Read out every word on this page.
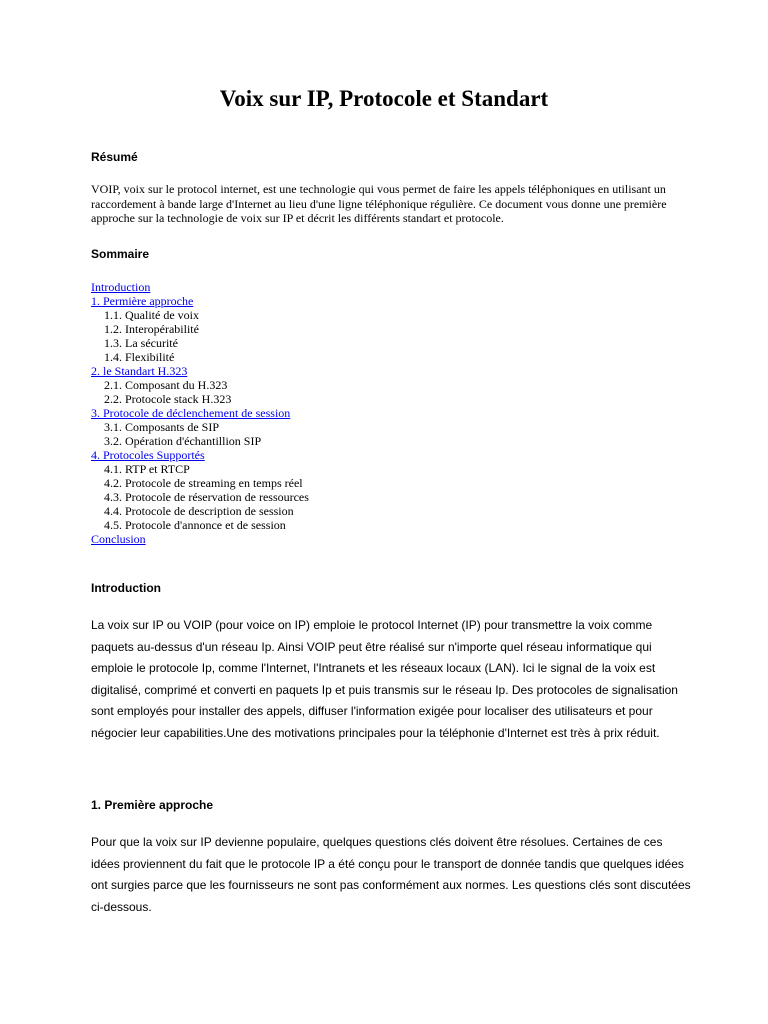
Voix sur IP, Protocole et Standart
Résumé

VOIP, voix sur le protocol internet, est une technologie qui vous permet de faire les appels téléphoniques en utilisant un raccordement à bande large d'Internet au lieu d'une ligne téléphonique régulière. Ce document vous donne une première approche sur la technologie de voix sur IP et décrit les différents standart et protocole.

Sommaire
Introduction
1. Permière approche
1.1. Qualité de voix
1.2. Interopérabilité
1.3. La sécurité
1.4. Flexibilité
2. le Standart H.323
2.1. Composant du H.323
2.2. Protocole stack H.323
3. Protocole de déclenchement de session
3.1. Composants de SIP
3.2. Opération d'échantillion SIP
4. Protocoles Supportés
4.1. RTP et RTCP
4.2. Protocole de streaming en temps réel
4.3. Protocole de réservation de ressources
4.4. Protocole de description de session
4.5. Protocole d'annonce et de session
Conclusion
Introduction

La voix sur IP ou VOIP (pour voice on IP) emploie le protocol Internet (IP) pour transmettre la voix comme paquets au-dessus d'un réseau Ip. Ainsi VOIP peut être réalisé sur n'importe quel réseau informatique qui emploie le protocole Ip, comme l'Internet, l'Intranets et les réseaux locaux (LAN). Ici le signal de la voix est digitalisé, comprimé et converti en paquets Ip et puis transmis sur le réseau Ip. Des protocoles de signalisation sont employés pour installer des appels, diffuser l'information exigée pour localiser des utilisateurs et pour négocier leur capabilities.Une des motivations principales pour la téléphonie d'Internet est très à prix réduit.

1. Première approche

Pour que la voix sur IP devienne populaire, quelques questions clés doivent être résolues. Certaines de ces idées proviennent du fait que le protocole IP a été conçu pour le transport de donnée tandis que quelques idées ont surgies parce que les fournisseurs ne sont pas conformément aux normes. Les questions clés sont discutées ci-dessous.
